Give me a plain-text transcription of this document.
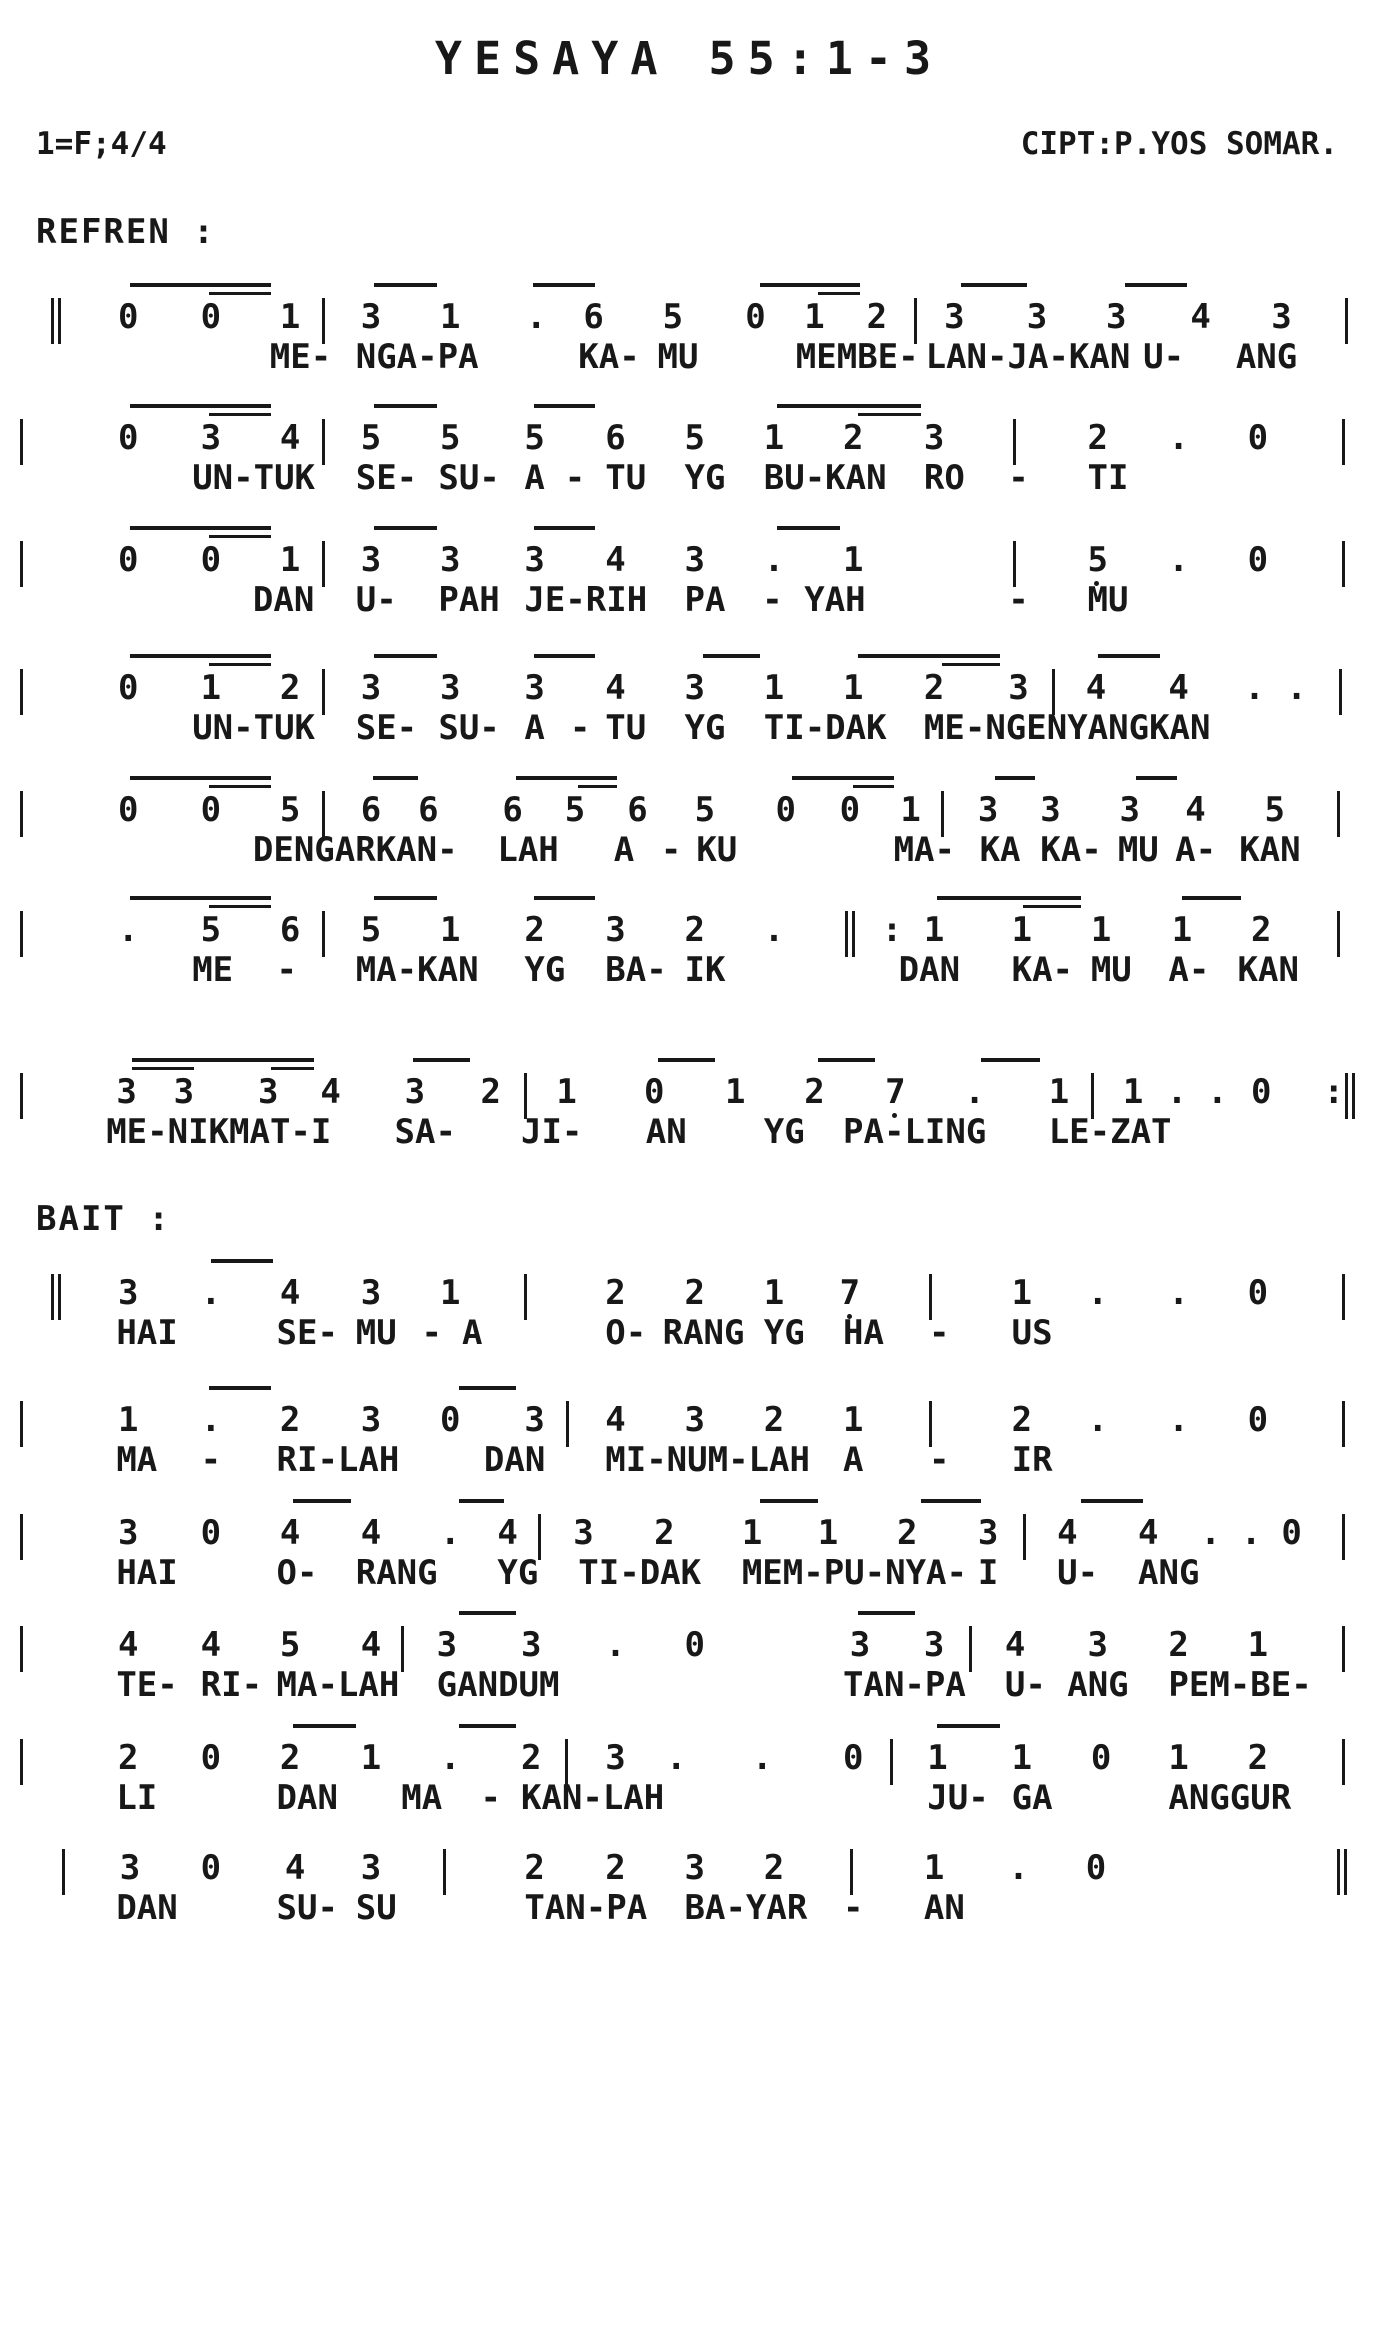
YESAYA 55:1-3
1=F;4/4	CIPT:P.YOS SOMAR.
REFREN :
BAIT :
0 0 1 3 1 . 6 5 0 1 2 3 3 3 4 3
ME- NGA-PA	KA- MU	MEMBE- LAN-JA-KAN U- ANG
0 3 4 5 5 5 6 5 1 2 3	2 . 0
UN-TUK SE- SU- A - TU YG BU-KAN RO - TI
0 0 1 3 3 3 4 3 . 1	5 . 0
DAN U- PAH JE-RIH PA - YAH	- MU
0 1 2 3 3 3 4 3 1 1 2 3 4 4 . .
UN-TUK SE- SU- A - TU YG TI-DAK ME-NGENYANGKAN
0 0 5 6 6 6 5 6 5 0 0 1 3 3 3 4 5
DENGARKAN- LAH A - KU	MA- KA KA- MU A- KAN
. 5 6 5 1 2 3 2 .	: 1 1 1 1 2
ME - MA-KAN YG BA- IK	DAN KA- MU A- KAN
3 3 3 4 3 2 1 0 1 2 7 . 1 1 . . 0 :
ME-NIKMAT-I SA- JI- AN YG PA-LING LE-ZAT
3 . 4 3 1	2 2 1 7	1 . . 0
HAI	SE- MU - A	O- RANG YG HA - US
1 . 2 3 0 3 4 3 2 1	2 . . 0
MA - RI-LAH DAN MI-NUM-LAH A - IR
3 0 4 4 . 4 3 2 1 1 2 3 4 4 . . 0
HAI	O- RANG YG TI-DAK MEM-PU-NYA- I U- ANG
4 4 5 4 3 3 . 0	3 3 4 3 2 1
TE- RI- MA-LAH GANDUM	TAN-PA U- ANG PEM-BE-
2 0 2 1 . 2 3 . . 0 1 1 0 1 2
LI	DAN MA - KAN-LAH	JU- GA	ANGGUR
3 0 4 3	2 2 3 2	1 . 0
DAN	SU- SU	TAN-PA BA-YAR - AN
